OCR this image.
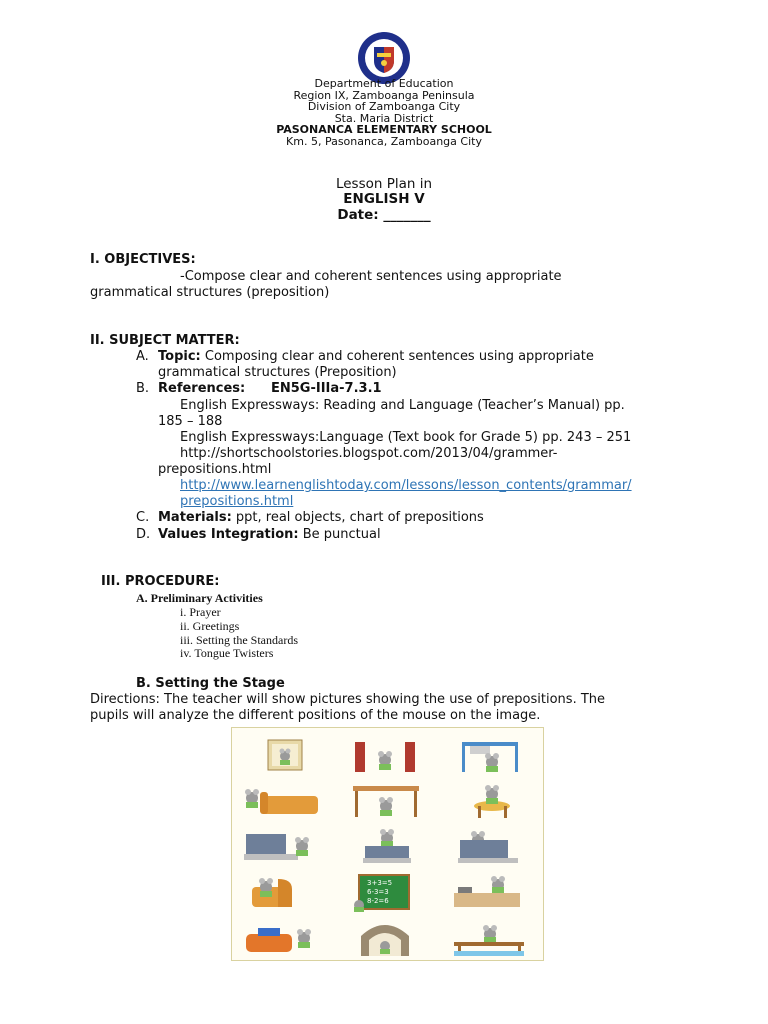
Department of Education
Region IX, Zamboanga Peninsula
Division of Zamboanga City
Sta. Maria District
PASONANCA ELEMENTARY SCHOOL
Km. 5, Pasonanca, Zamboanga City
Lesson Plan in
ENGLISH V
Date: _______
I. OBJECTIVES:
-Compose clear and coherent sentences using appropriate
grammatical structures (preposition)
II. SUBJECT MATTER:
A. Topic: Composing clear and coherent sentences using appropriate
grammatical structures (Preposition)
B. References: EN5G-IIIa-7.3.1
English Expressways: Reading and Language (Teacher’s Manual) pp.
185 – 188
English Expressways:Language (Text book for Grade 5) pp. 243 – 251
http://shortschoolstories.blogspot.com/2013/04/grammer-
prepositions.html
http://www.learnenglishtoday.com/lessons/lesson_contents/grammar/
prepositions.html
C. Materials: ppt, real objects, chart of prepositions
D. Values Integration: Be punctual
III. PROCEDURE:
A. Preliminary Activities
i. Prayer
ii. Greetings
iii. Setting the Standards
iv. Tongue Twisters
B. Setting the Stage
Directions: The teacher will show pictures showing the use of prepositions. The
pupils will analyze the different positions of the mouse on the image.
3+3=5
6-3=3
8-2=6
